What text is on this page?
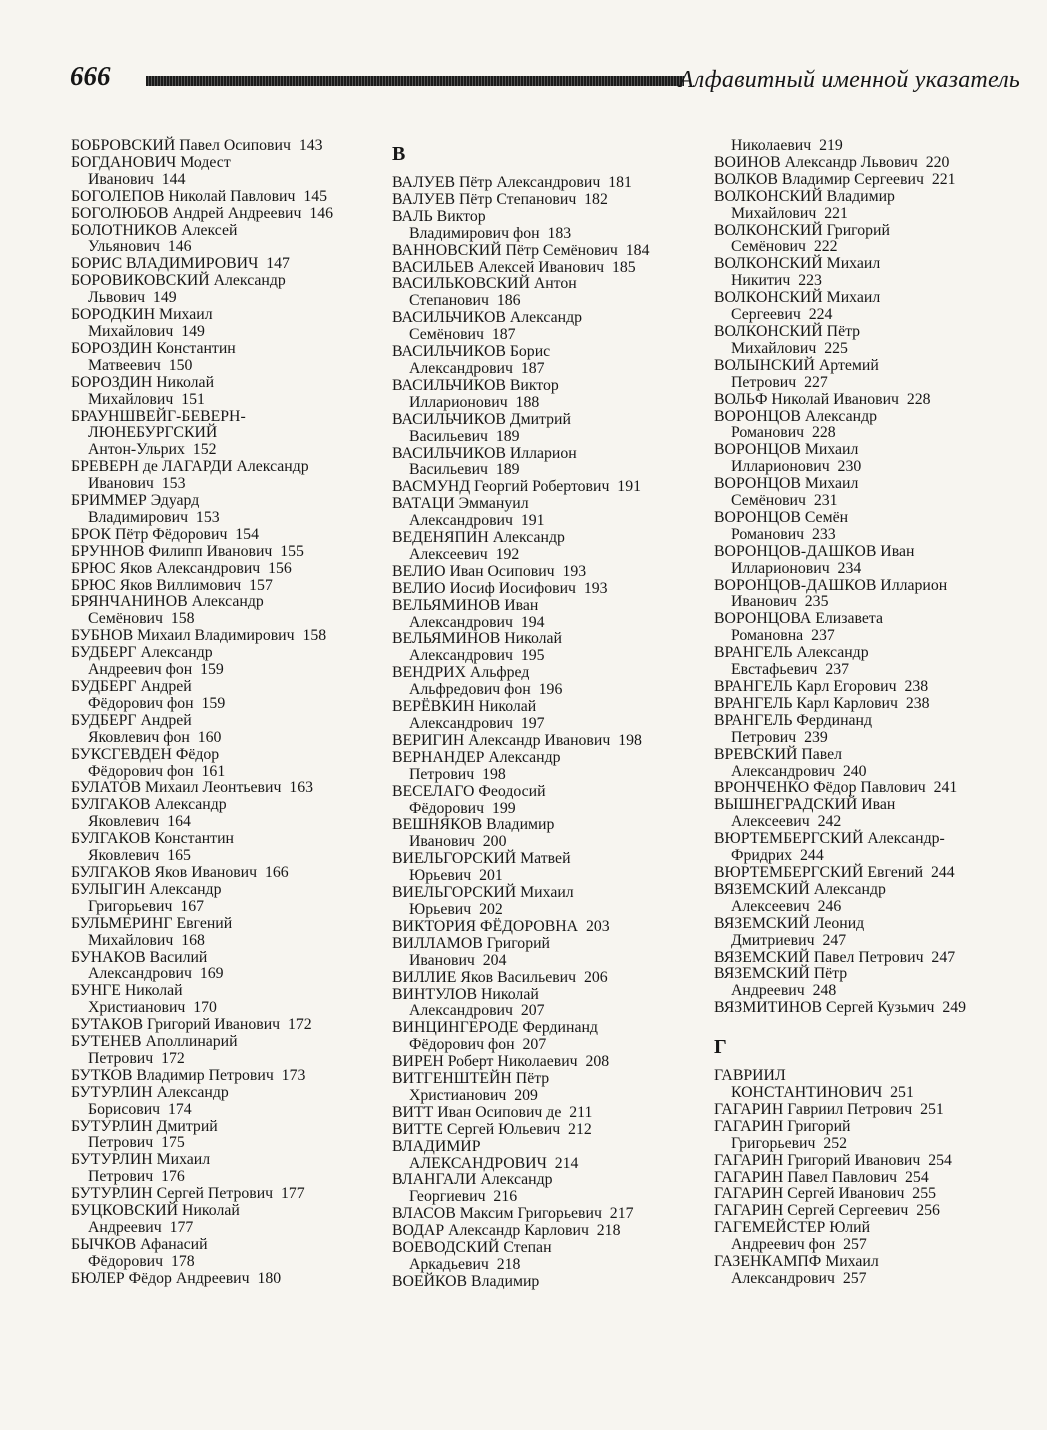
666	Алфавитный именной указатель
БОБРОВСКИЙ Павел Осипович  143
БОГДАНОВИЧ Модест
Иванович  144
БОГОЛЕПОВ Николай Павлович  145
БОГОЛЮБОВ Андрей Андреевич  146
БОЛОТНИКОВ Алексей
Ульянович  146
БОРИС ВЛАДИМИРОВИЧ  147
БОРОВИКОВСКИЙ Александр
Львович  149
БОРОДКИН Михаил
Михайлович  149
БОРОЗДИН Константин
Матвеевич  150
БОРОЗДИН Николай
Михайлович  151
БРАУНШВЕЙГ-БЕВЕРН-
ЛЮНЕБУРГСКИЙ
Антон-Ульрих  152
БРЕВЕРН де ЛАГАРДИ Александр
Иванович  153
БРИММЕР Эдуард
Владимирович  153
БРОК Пётр Фёдорович  154
БРУННОВ Филипп Иванович  155
БРЮС Яков Александрович  156
БРЮС Яков Виллимович  157
БРЯНЧАНИНОВ Александр
Семёнович  158
БУБНОВ Михаил Владимирович  158
БУДБЕРГ Александр
Андреевич фон  159
БУДБЕРГ Андрей
Фёдорович фон  159
БУДБЕРГ Андрей
Яковлевич фон  160
БУКСГЕВДЕН Фёдор
Фёдорович фон  161
БУЛАТОВ Михаил Леонтьевич  163
БУЛГАКОВ Александр
Яковлевич  164
БУЛГАКОВ Константин
Яковлевич  165
БУЛГАКОВ Яков Иванович  166
БУЛЫГИН Александр
Григорьевич  167
БУЛЬМЕРИНГ Евгений
Михайлович  168
БУНАКОВ Василий
Александрович  169
БУНГЕ Николай
Христианович  170
БУТАКОВ Григорий Иванович  172
БУТЕНЕВ Аполлинарий
Петрович  172
БУТКОВ Владимир Петрович  173
БУТУРЛИН Александр
Борисович  174
БУТУРЛИН Дмитрий
Петрович  175
БУТУРЛИН Михаил
Петрович  176
БУТУРЛИН Сергей Петрович  177
БУЦКОВСКИЙ Николай
Андреевич  177
БЫЧКОВ Афанасий
Фёдорович  178
БЮЛЕР Фёдор Андреевич  180
В
ВАЛУЕВ Пётр Александрович  181
ВАЛУЕВ Пётр Степанович  182
ВАЛЬ Виктор
Владимирович фон  183
ВАННОВСКИЙ Пётр Семёнович  184
ВАСИЛЬЕВ Алексей Иванович  185
ВАСИЛЬКОВСКИЙ Антон
Степанович  186
ВАСИЛЬЧИКОВ Александр
Семёнович  187
ВАСИЛЬЧИКОВ Борис
Александрович  187
ВАСИЛЬЧИКОВ Виктор
Илларионович  188
ВАСИЛЬЧИКОВ Дмитрий
Васильевич  189
ВАСИЛЬЧИКОВ Илларион
Васильевич  189
ВАСМУНД Георгий Робертович  191
ВАТАЦИ Эммануил
Александрович  191
ВЕДЕНЯПИН Александр
Алексеевич  192
ВЕЛИО Иван Осипович  193
ВЕЛИО Иосиф Иосифович  193
ВЕЛЬЯМИНОВ Иван
Александрович  194
ВЕЛЬЯМИНОВ Николай
Александрович  195
ВЕНДРИХ Альфред
Альфредович фон  196
ВЕРЁВКИН Николай
Александрович  197
ВЕРИГИН Александр Иванович  198
ВЕРНАНДЕР Александр
Петрович  198
ВЕСЕЛАГО Феодосий
Фёдорович  199
ВЕШНЯКОВ Владимир
Иванович  200
ВИЕЛЬГОРСКИЙ Матвей
Юрьевич  201
ВИЕЛЬГОРСКИЙ Михаил
Юрьевич  202
ВИКТОРИЯ ФЁДОРОВНА  203
ВИЛЛАМОВ Григорий
Иванович  204
ВИЛЛИЕ Яков Васильевич  206
ВИНТУЛОВ Николай
Александрович  207
ВИНЦИНГЕРОДЕ Фердинанд
Фёдорович фон  207
ВИРЕН Роберт Николаевич  208
ВИТГЕНШТЕЙН Пётр
Христианович  209
ВИТТ Иван Осипович де  211
ВИТТЕ Сергей Юльевич  212
ВЛАДИМИР
АЛЕКСАНДРОВИЧ  214
ВЛАНГАЛИ Александр
Георгиевич  216
ВЛАСОВ Максим Григорьевич  217
ВОДАР Александр Карлович  218
ВОЕВОДСКИЙ Степан
Аркадьевич  218
ВОЕЙКОВ Владимир
Николаевич  219
ВОИНОВ Александр Львович  220
ВОЛКОВ Владимир Сергеевич  221
ВОЛКОНСКИЙ Владимир
Михайлович  221
ВОЛКОНСКИЙ Григорий
Семёнович  222
ВОЛКОНСКИЙ Михаил
Никитич  223
ВОЛКОНСКИЙ Михаил
Сергеевич  224
ВОЛКОНСКИЙ Пётр
Михайлович  225
ВОЛЫНСКИЙ Артемий
Петрович  227
ВОЛЬФ Николай Иванович  228
ВОРОНЦОВ Александр
Романович  228
ВОРОНЦОВ Михаил
Илларионович  230
ВОРОНЦОВ Михаил
Семёнович  231
ВОРОНЦОВ Семён
Романович  233
ВОРОНЦОВ-ДАШКОВ Иван
Илларионович  234
ВОРОНЦОВ-ДАШКОВ Илларион
Иванович  235
ВОРОНЦОВА Елизавета
Романовна  237
ВРАНГЕЛЬ Александр
Евстафьевич  237
ВРАНГЕЛЬ Карл Егорович  238
ВРАНГЕЛЬ Карл Карлович  238
ВРАНГЕЛЬ Фердинанд
Петрович  239
ВРЕВСКИЙ Павел
Александрович  240
ВРОНЧЕНКО Фёдор Павлович  241
ВЫШНЕГРАДСКИЙ Иван
Алексеевич  242
ВЮРТЕМБЕРГСКИЙ Александр-
Фридрих  244
ВЮРТЕМБЕРГСКИЙ Евгений  244
ВЯЗЕМСКИЙ Александр
Алексеевич  246
ВЯЗЕМСКИЙ Леонид
Дмитриевич  247
ВЯЗЕМСКИЙ Павел Петрович  247
ВЯЗЕМСКИЙ Пётр
Андреевич  248
ВЯЗМИТИНОВ Сергей Кузьмич  249
Г
ГАВРИИЛ
КОНСТАНТИНОВИЧ  251
ГАГАРИН Гавриил Петрович  251
ГАГАРИН Григорий
Григорьевич  252
ГАГАРИН Григорий Иванович  254
ГАГАРИН Павел Павлович  254
ГАГАРИН Сергей Иванович  255
ГАГАРИН Сергей Сергеевич  256
ГАГЕМЕЙСТЕР Юлий
Андреевич фон  257
ГАЗЕНКАМПФ Михаил
Александрович  257
